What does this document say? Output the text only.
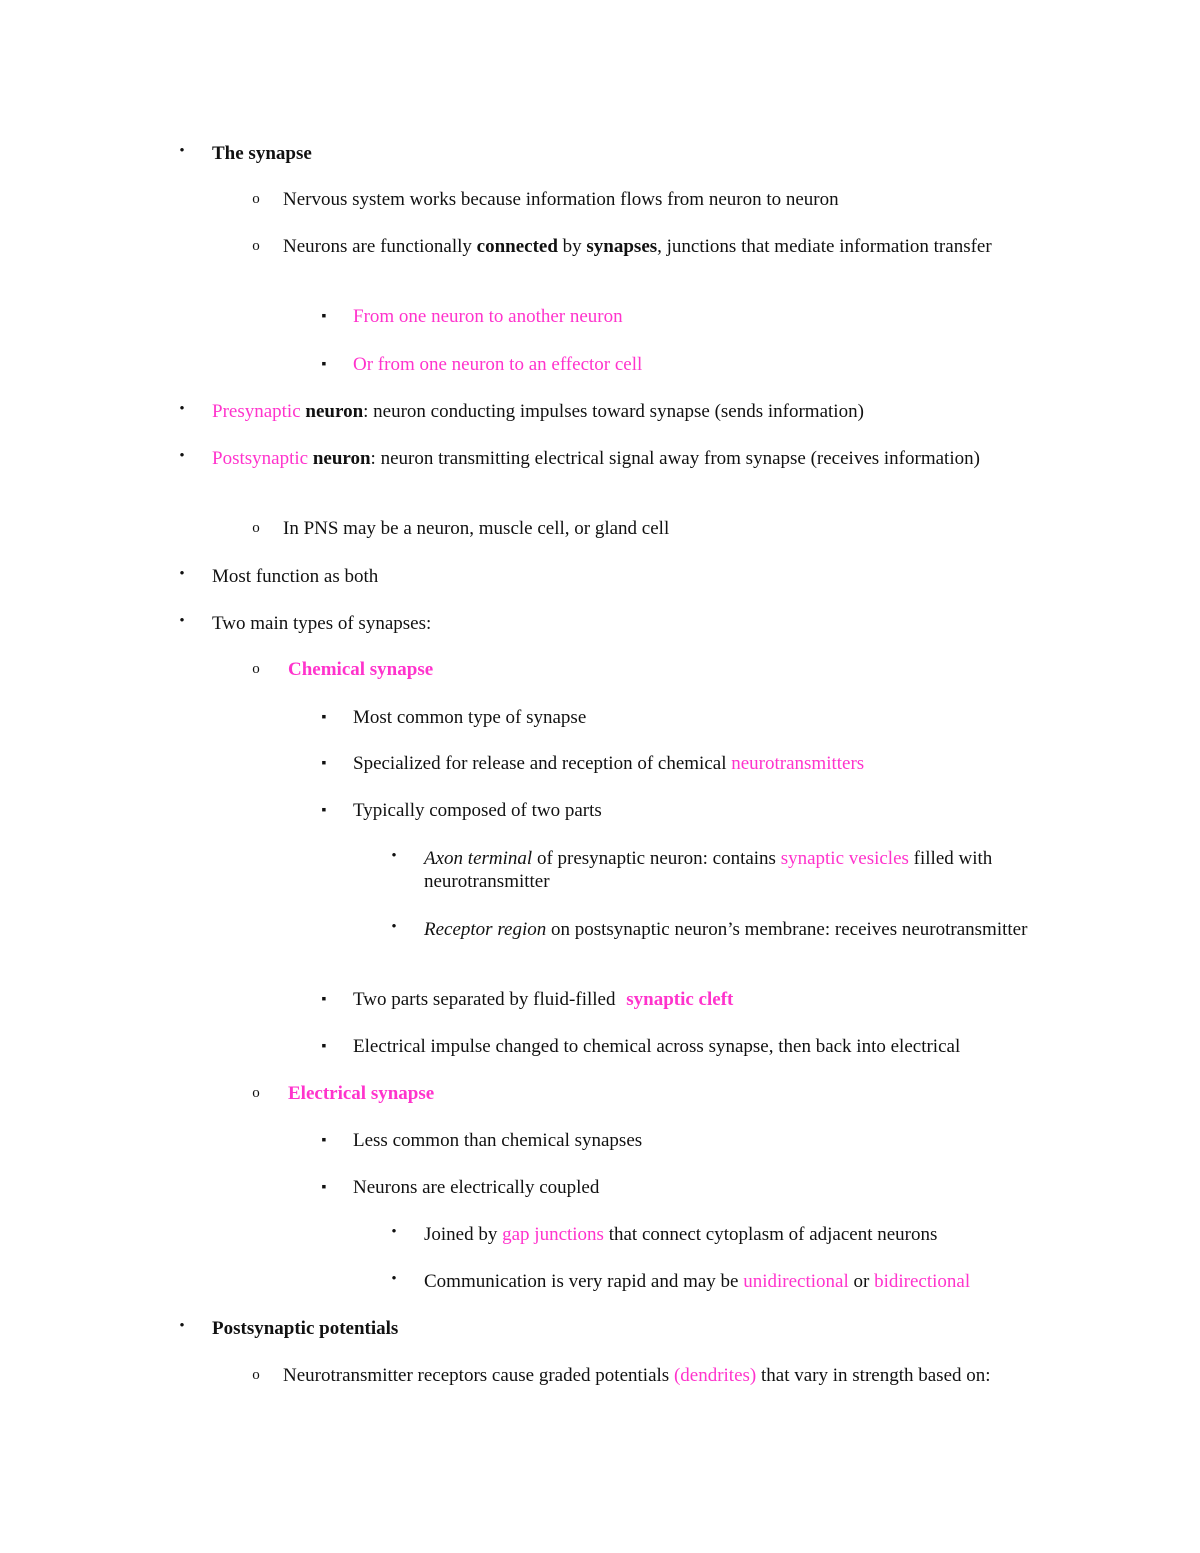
•	The synapse
o	Nervous system works because information flows from neuron to neuron
o	Neurons are functionally connected by synapses, junctions that mediate information transfer
▪	From one neuron to another neuron
▪	Or from one neuron to an effector cell
•	Presynaptic neuron: neuron conducting impulses toward synapse (sends information)
•	Postsynaptic neuron: neuron transmitting electrical signal away from synapse (receives information)
o	In PNS may be a neuron, muscle cell, or gland cell
•	Most function as both
•	Two main types of synapses:
o	Chemical synapse
▪	Most common type of synapse
▪	Specialized for release and reception of chemical neurotransmitters
▪	Typically composed of two parts
•	Axon terminal of presynaptic neuron: contains synaptic vesicles filled with neurotransmitter
•	Receptor region on postsynaptic neuron’s membrane: receives neurotransmitter
▪	Two parts separated by fluid-filled synaptic cleft
▪	Electrical impulse changed to chemical across synapse, then back into electrical
o	Electrical synapse
▪	Less common than chemical synapses
▪	Neurons are electrically coupled
•	Joined by gap junctions that connect cytoplasm of adjacent neurons
•	Communication is very rapid and may be unidirectional or bidirectional
•	Postsynaptic potentials
o	Neurotransmitter receptors cause graded potentials (dendrites) that vary in strength based on:
